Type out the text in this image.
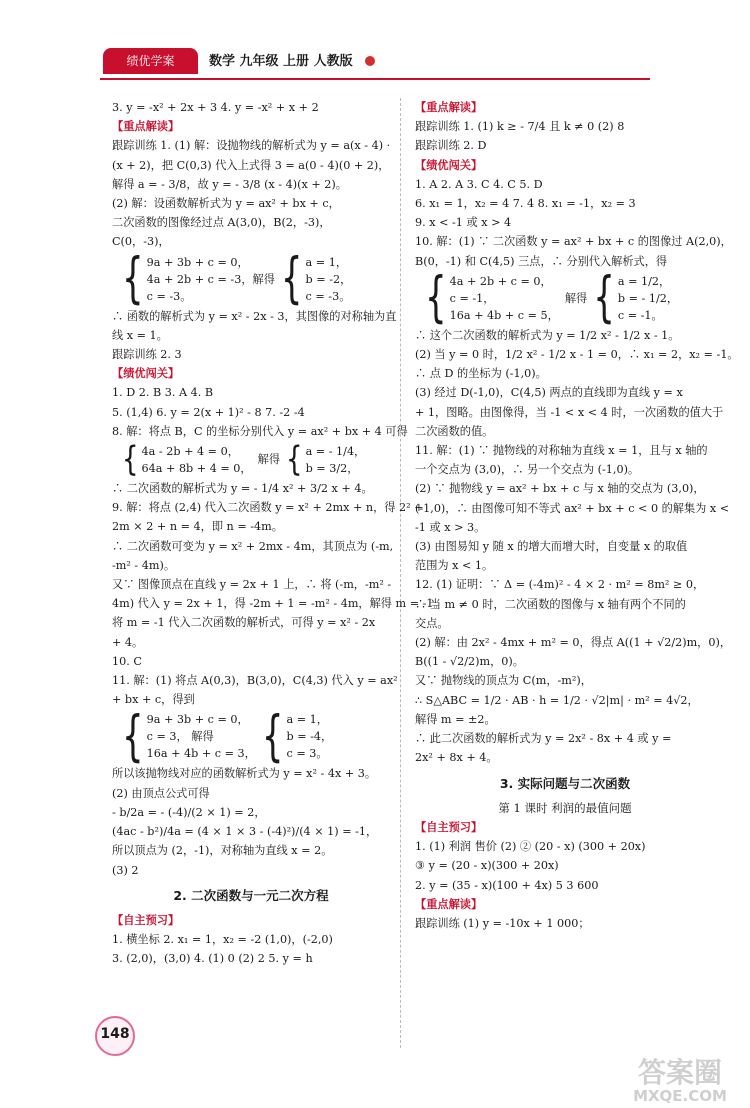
绩优学案	数学 九年级 上册 人教版
3. y = -x² + 2x + 3 4. y = -x² + x + 2
【重点解读】
跟踪训练 1. (1) 解：设抛物线的解析式为 y = a(x - 4) ·
(x + 2)，把 C(0,3) 代入上式得 3 = a(0 - 4)(0 + 2)，
解得 a = - 3/8，故 y = - 3/8 (x - 4)(x + 2)。
(2) 解：设函数解析式为 y = ax² + bx + c，
二次函数的图像经过点 A(3,0)，B(2，-3)，
C(0，-3)，
{ 9a + 3b + c = 0，
4a + 2b + c = -3，解得
c = -3。	{ a = 1，
b = -2，
c = -3。
∴ 函数的解析式为 y = x² - 2x - 3，其图像的对称轴为直
线 x = 1。
跟踪训练 2. 3
【绩优闯关】
1. D 2. B 3. A 4. B
5. (1,4) 6. y = 2(x + 1)² - 8 7. -2 -4
8. 解：将点 B，C 的坐标分别代入 y = ax² + bx + 4 可得
{ 4a - 2b + 4 = 0，
64a + 8b + 4 = 0，
解得 { a = - 1/4，
b = 3/2，
∴ 二次函数的解析式为 y = - 1/4 x² + 3/2 x + 4。
9. 解：将点 (2,4) 代入二次函数 y = x² + 2mx + n，得 2² +
2m × 2 + n = 4，即 n = -4m。
∴ 二次函数可变为 y = x² + 2mx - 4m，其顶点为 (-m,
-m² - 4m)。
又∵ 图像顶点在直线 y = 2x + 1 上，∴ 将 (-m，-m² -
4m) 代入 y = 2x + 1，得 -2m + 1 = -m² - 4m，解得 m = -1。
将 m = -1 代入二次函数的解析式，可得 y = x² - 2x
+ 4。
10. C
11. 解：(1) 将点 A(0,3)，B(3,0)，C(4,3) 代入 y = ax²
+ bx + c，得到
{ 9a + 3b + c = 0，
c = 3， 解得
16a + 4b + c = 3， { a = 1，
b = -4，
c = 3。
所以该抛物线对应的函数解析式为 y = x² - 4x + 3。
(2) 由顶点公式可得
- b/2a = - (-4)/(2 × 1) = 2，
(4ac - b²)/4a = (4 × 1 × 3 - (-4)²)/(4 × 1) = -1，
所以顶点为 (2，-1)，对称轴为直线 x = 2。
(3) 2
2. 二次函数与一元二次方程
【自主预习】
1. 横坐标 2. x₁ = 1，x₂ = -2 (1,0)，(-2,0)
3. (2,0)，(3,0) 4. (1) 0 (2) 2 5. y = h
【重点解读】
跟踪训练 1. (1) k ≥ - 7/4 且 k ≠ 0 (2) 8
跟踪训练 2. D
【绩优闯关】
1. A 2. A 3. C 4. C 5. D
6. x₁ = 1，x₂ = 4 7. 4 8. x₁ = -1，x₂ = 3
9. x < -1 或 x > 4
10. 解：(1) ∵ 二次函数 y = ax² + bx + c 的图像过 A(2,0)，
B(0，-1) 和 C(4,5) 三点，∴ 分别代入解析式，得
{ 4a + 2b + c = 0，
c = -1，
16a + 4b + c = 5，
解得 { a = 1/2，
b = - 1/2，
c = -1。
∴ 这个二次函数的解析式为 y = 1/2 x² - 1/2 x - 1。
(2) 当 y = 0 时，1/2 x² - 1/2 x - 1 = 0，∴ x₁ = 2，x₂ = -1。
∴ 点 D 的坐标为 (-1,0)。
(3) 经过 D(-1,0)，C(4,5) 两点的直线即为直线 y = x
+ 1，图略。由图像得，当 -1 < x < 4 时，一次函数的值大于
二次函数的值。
11. 解：(1) ∵ 抛物线的对称轴为直线 x = 1，且与 x 轴的
一个交点为 (3,0)，∴ 另一个交点为 (-1,0)。
(2) ∵ 抛物线 y = ax² + bx + c 与 x 轴的交点为 (3,0)，
(-1,0)，∴ 由图像可知不等式 ax² + bx + c < 0 的解集为 x <
-1 或 x > 3。
(3) 由图易知 y 随 x 的增大而增大时，自变量 x 的取值
范围为 x < 1。
12. (1) 证明：∵ Δ = (-4m)² - 4 × 2 · m² = 8m² ≥ 0，
∴ 当 m ≠ 0 时，二次函数的图像与 x 轴有两个不同的
交点。
(2) 解：由 2x² - 4mx + m² = 0，得点 A((1 + √2/2)m，0)，
B((1 - √2/2)m，0)。
又∵ 抛物线的顶点为 C(m，-m²)，
∴ S△ABC = 1/2 · AB · h = 1/2 · √2|m| · m² = 4√2，
解得 m = ±2。
∴ 此二次函数的解析式为 y = 2x² - 8x + 4 或 y =
2x² + 8x + 4。
3. 实际问题与二次函数
第 1 课时 利润的最值问题
【自主预习】
1. (1) 利润 售价 (2) ② (20 - x) (300 + 20x)
③ y = (20 - x)(300 + 20x)
2. y = (35 - x)(100 + 4x) 5 3 600
【重点解读】
跟踪训练 (1) y = -10x + 1 000；
148
答案圈
MXQE.COM
